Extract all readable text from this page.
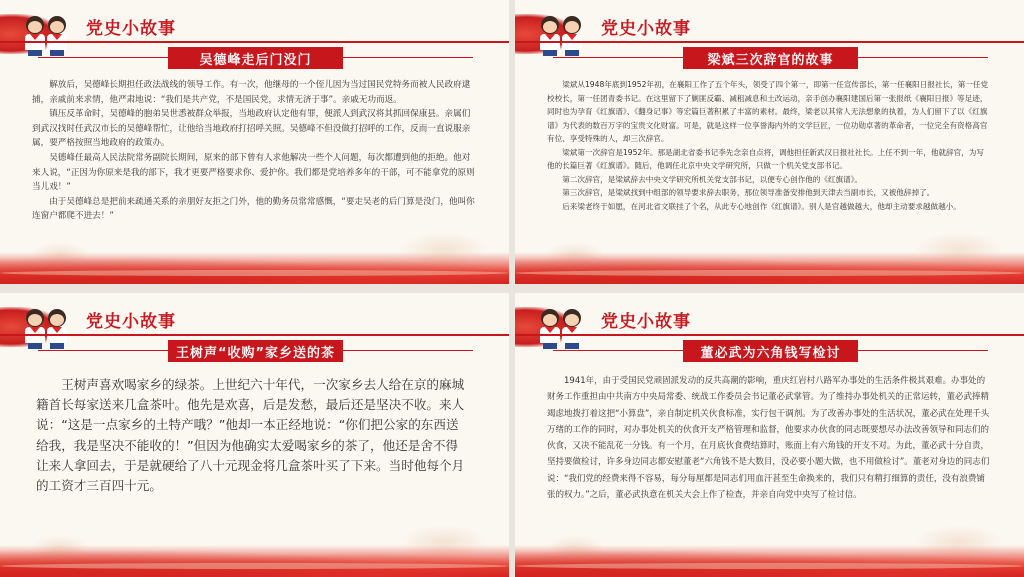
党史小故事
吴德峰走后门没门

解放后，吴德峰长期担任政法战线的领导工作。有一次，他继母的一个侄儿因为当过国民党特务而被人民政府逮捕，亲戚前来求情，他严肃地说：“我们是共产党，不是国民党，求情无济于事”。亲戚无功而返。

镇压反革命时，吴德峰的胞弟吴世悉被群众举报，当地政府认定他有罪，便派人到武汉将其抓回保康县。亲属们到武汉找时任武汉市长的吴德峰帮忙，让他给当地政府打招呼关照。吴德峰不但没做打招呼的工作，反而一直说服亲属，要严格按照当地政府的政策办。

吴德峰任最高人民法院常务副院长期间，原来的部下曾有人求他解决一些个人问题，每次都遭到他的拒绝。他对来人说，“正因为你原来是我的部下，我才更要严格要求你、爱护你。我们都是党培养多年的干部，可不能拿党的原则当儿戏！”

由于吴德峰总是把前来疏通关系的亲朋好友拒之门外，他的勤务员常常感慨，“要走吴老的后门算是没门，他叫你连窗户都爬不进去！”

党史小故事
梁斌三次辞官的故事

梁斌从1948年底到1952年初，在襄阳工作了五个年头，领受了四个第一，即第一任宣传部长，第一任襄阳日报社长，第一任党校校长，第一任团青委书记。在这里留下了剿匪反霸、减租减息和土改运动，亲手创办襄阳建国后第一张报纸《襄阳日报》等足迹，同时也为孕育《红旗谱》、《翻身记事》等宏篇巨著积累了丰富的素材。最终，梁老以其常人无法想象的执着，为人们留下了以《红旗谱》为代表的数百万字的宝贵文化财富。可是，就是这样一位享誉海内外的文学巨匠，一位功勋卓著的革命者，一位完全有资格高官有位、享受特殊的人，却三次辞官。

梁斌第一次辞官是1952年。那是湖北省委书记李先念亲自点将，调他担任新武汉日报社社长。上任不到一年，他就辞官，为写他的长篇巨著《红旗谱》。随后，他调任北京中央文学研究所，只做一个机关党支部书记。

第二次辞官，是梁斌辞去中央文学研究所机关党支部书记，以便专心创作他的《红旗谱》。

第三次辞官，是梁斌找到中组部的领导要求辞去职务，那位领导准备安排他到天津去当副市长，又被他辞掉了。

后来梁老终于如愿，在河北省文联挂了个名，从此专心地创作《红旗谱》。别人是官越做越大，他却主动要求越做越小。

党史小故事
王树声“收购”家乡送的茶

王树声喜欢喝家乡的绿茶。上世纪六十年代，一次家乡去人给在京的麻城籍首长每家送来几盒茶叶。他先是欢喜，后是发愁，最后还是坚决不收。来人说：“这是一点家乡的土特产哦？”他却一本正经地说：“你们把公家的东西送给我，我是坚决不能收的！”但因为他确实太爱喝家乡的茶了，他还是舍不得让来人拿回去，于是就硬给了八十元现金将几盒茶叶买了下来。当时他每个月的工资才三百四十元。

党史小故事
董必武为六角钱写检讨

1941年，由于受国民党顽固派发动的反共高潮的影响，重庆红岩村八路军办事处的生活条件极其艰难。办事处的财务工作重担由中共南方中央局常委、统战工作委员会书记董必武掌管。为了维持办事处机关的正常运转，董必武捧精竭虑地拨打着这把“小算盘”，亲自制定机关伙食标准，实行包干调剂。为了改善办事处的生活状况，董必武在处理千头万绪的工作的同时，对办事处机关的伙食开支严格管理和监督，他要求办伙食的同志既要想尽办法改善领导和同志们的伙食，又决不能乱花一分钱。有一个月，在月底伙食费结算时，账面上有六角钱的开支不对。为此，董必武十分自责，坚持要做检讨，许多身边同志都安慰董老“六角钱不是大数目，没必要小题大做，也不用做检讨”。董老对身边的同志们说：“我们党的经费来得不容易，每分每厘都是同志们用血汗甚至生命换来的，我们只有精打细算的责任，没有浪费铺张的权力。”之后，董必武执意在机关大会上作了检查，并亲自向党中央写了检讨信。
